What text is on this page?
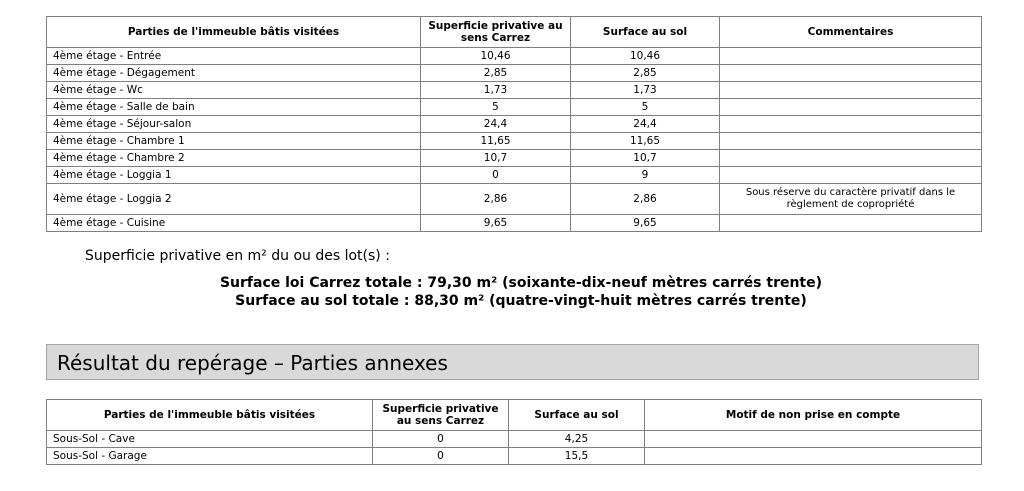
Parties de l'immeuble bâtis visitées	Superficie privative au sens Carrez	Surface au sol	Commentaires
4ème étage - Entrée	10,46	10,46	
4ème étage - Dégagement	2,85	2,85	
4ème étage - Wc	1,73	1,73	
4ème étage - Salle de bain	5	5	
4ème étage - Séjour-salon	24,4	24,4	
4ème étage - Chambre 1	11,65	11,65	
4ème étage - Chambre 2	10,7	10,7	
4ème étage - Loggia 1	0	9	
4ème étage - Loggia 2	2,86	2,86	Sous réserve du caractère privatif dans le règlement de copropriété
4ème étage - Cuisine	9,65	9,65	
Superficie privative en m² du ou des lot(s) :
Surface loi Carrez totale : 79,30 m² (soixante-dix-neuf mètres carrés trente)
Surface au sol totale : 88,30 m² (quatre-vingt-huit mètres carrés trente)
Résultat du repérage – Parties annexes
Parties de l'immeuble bâtis visitées	Superficie privative au sens Carrez	Surface au sol	Motif de non prise en compte
Sous-Sol - Cave	0	4,25	
Sous-Sol - Garage	0	15,5	
